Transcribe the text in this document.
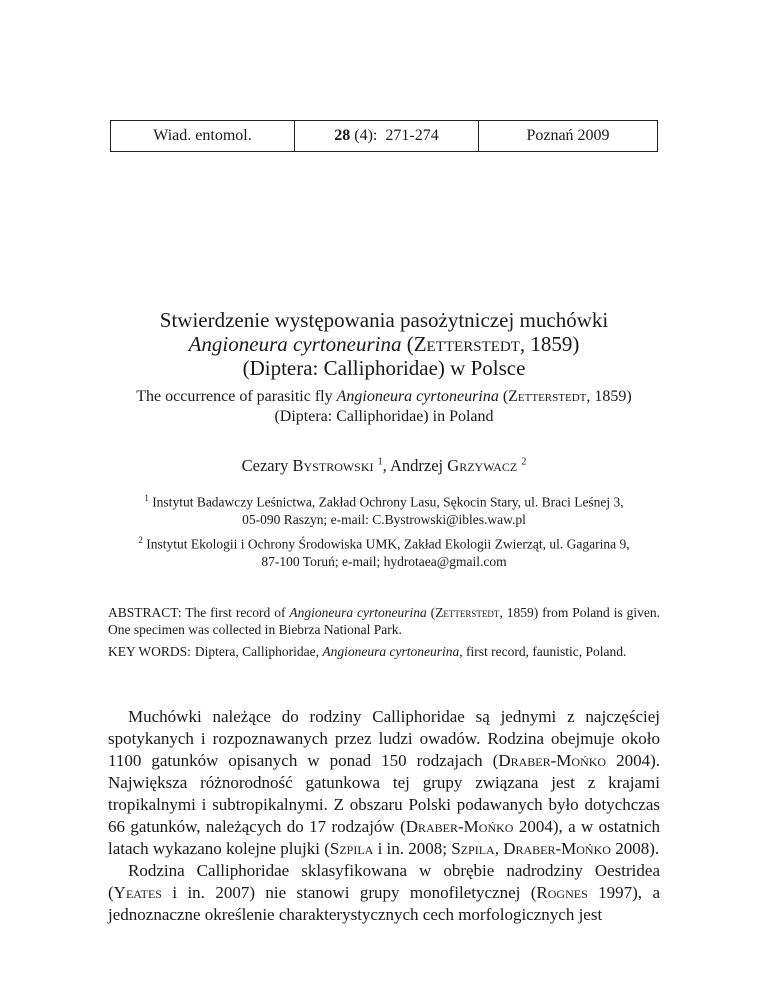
Wiad. entomol.	28 (4):  271-274	Poznań 2009
Stwierdzenie występowania pasożytniczej muchówki
Angioneura cyrtoneurina (Zetterstedt, 1859)
(Diptera: Calliphoridae) w Polsce
The occurrence of parasitic fly Angioneura cyrtoneurina (Zetterstedt, 1859)
(Diptera: Calliphoridae) in Poland
Cezary Bystrowski $^1$, Andrzej Grzywacz $^2$
$^1$ Instytut Badawczy Leśnictwa, Zakład Ochrony Lasu, Sękocin Stary, ul. Braci Leśnej 3,
05-090 Raszyn; e-mail: C.Bystrowski@ibles.waw.pl
$^2$ Instytut Ekologii i Ochrony Środowiska UMK, Zakład Ekologii Zwierząt, ul. Gagarina 9,
87-100 Toruń; e-mail; hydrotaea@gmail.com
ABSTRACT: The first record of Angioneura cyrtoneurina (Zetterstedt, 1859) from Poland is given. One specimen was collected in Biebrza National Park.
KEY WORDS: Diptera, Calliphoridae, Angioneura cyrtoneurina, first record, faunistic, Poland.

Muchówki należące do rodziny Calliphoridae są jednymi z najczęściej spotykanych i rozpoznawanych przez ludzi owadów. Rodzina obejmuje około 1100 gatunków opisanych w ponad 150 rodzajach (Draber-Mońko 2004). Największa różnorodność gatunkowa tej grupy związana jest z krajami tropikalnymi i subtropikalnymi. Z obszaru Polski podawanych było dotychczas 66 gatunków, należących do 17 rodzajów (Draber-Mońko 2004), a w ostatnich latach wykazano kolejne plujki (Szpila i in. 2008; Szpila, Draber-Mońko 2008).

Rodzina Calliphoridae sklasyfikowana w obrębie nadrodziny Oestridea (Yeates i in. 2007) nie stanowi grupy monofiletycznej (Rognes 1997), a jednoznaczne określenie charakterystycznych cech morfologicznych jest
